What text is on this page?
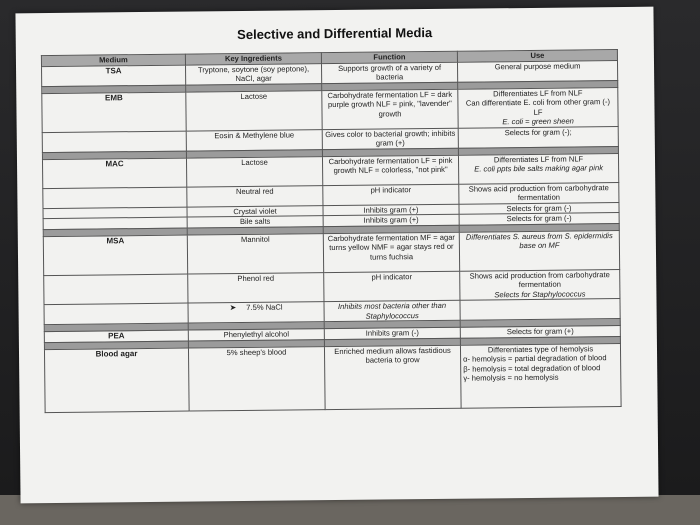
Selective and Differential Media
Medium	Key Ingredients	Function	Use
TSA	Tryptone, soytone (soy peptone), NaCl, agar	Supports growth of a variety of bacteria	General purpose medium

EMB	Lactose	Carbohydrate fermentation LF = dark purple growth NLF = pink, "lavender" growth	Differentiates LF from NLF
Can differentiate E. coli from other gram (-) LF
E. coli = green sheen

	Eosin & Methylene blue	Gives color to bacterial growth; inhibits gram (+)	Selects for gram (-);

MAC	Lactose	Carbohydrate fermentation LF = pink growth NLF = colorless, "not pink"	Differentiates LF from NLF
E. coli ppts bile salts making agar pink

	Neutral red	pH indicator	Shows acid production from carbohydrate fermentation
	Crystal violet	Inhibits gram (+)	Selects for gram (-)
	Bile salts	Inhibits gram (+)	Selects for gram (-)

MSA	Mannitol	Carbohydrate fermentation MF = agar turns yellow NMF = agar stays red or turns fuchsia	Differentiates S. aureus from S. epidermidis base on MF
	Phenol red	pH indicator	Shows acid production from carbohydrate fermentation
Selects for Staphylococcus

	➤ 7.5% NaCl	Inhibits most bacteria other than Staphylococcus	

PEA	Phenylethyl alcohol	Inhibits gram (-)	Selects for gram (+)

Blood agar	5% sheep's blood	Enriched medium allows fastidious bacteria to grow	Differentiates type of hemolysis
α- hemolysis = partial degradation of blood
β- hemolysis = total degradation of blood
γ- hemolysis = no hemolysis
